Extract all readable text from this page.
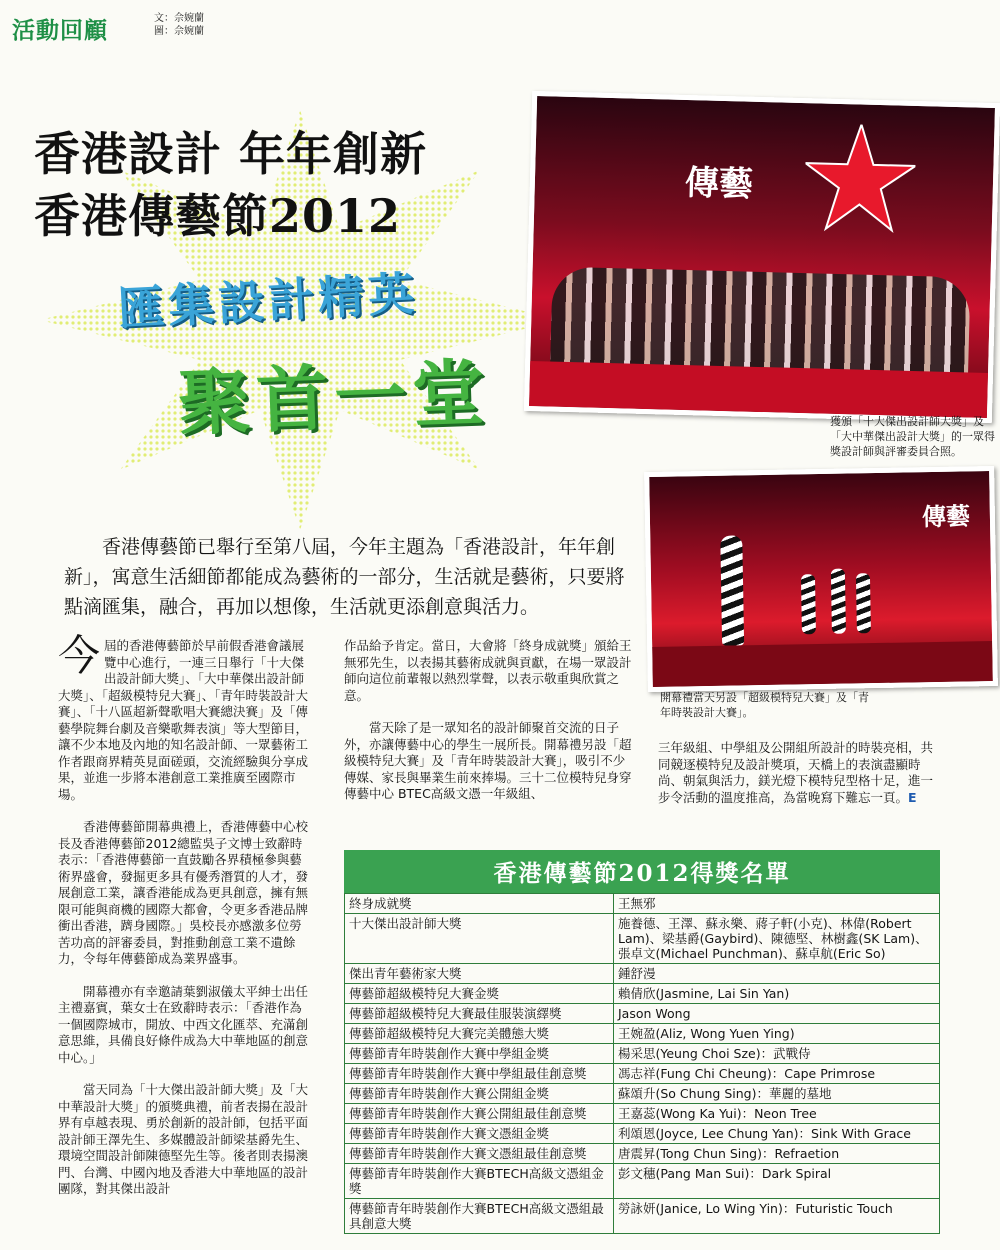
活動回顧	文：佘婉蘭
圖：佘婉蘭
香港設計 年年創新
香港傳藝節2012
匯集設計精英
聚首一堂
傳藝
獲頒「十大傑出設計師大獎」及「大中華傑出設計大獎」的一眾得獎設計師與評審委員合照。
傳藝
開幕禮當天另設「超級模特兒大賽」及「青年時裝設計大賽」。
香港傳藝節已舉行至第八屆，今年主題為「香港設計，年年創新」，寓意生活細節都能成為藝術的一部分，生活就是藝術，只要將點滴匯集，融合，再加以想像，生活就更添創意與活力。

今屆的香港傳藝節於早前假香港會議展覽中心進行，一連三日舉行「十大傑出設計師大獎」、「大中華傑出設計師大獎」、「超級模特兒大賽」、「青年時裝設計大賽」、「十八區超新聲歌唱大賽總決賽」及「傳藝學院舞台劇及音樂歌舞表演」等大型節目，讓不少本地及內地的知名設計師、一眾藝術工作者跟商界精英見面磋頭，交流經驗與分享成果，並進一步將本港創意工業推廣至國際市場。

香港傳藝節開幕典禮上，香港傳藝中心校長及香港傳藝節2012總監吳子文博士致辭時表示：「香港傳藝節一直鼓勵各界積極參與藝術界盛會，發掘更多具有優秀潛質的人才，發展創意工業，讓香港能成為更具創意，擁有無限可能與商機的國際大都會，令更多香港品牌衝出香港，躋身國際。」吳校長亦感激多位勞苦功高的評審委員，對推動創意工業不遺餘力，令每年傳藝節成為業界盛事。

開幕禮亦有幸邀請葉劉淑儀太平紳士出任主禮嘉賓，葉女士在致辭時表示：「香港作為一個國際城市，開放、中西文化匯萃、充滿創意思維，具備良好條件成為大中華地區的創意中心。」

當天同為「十大傑出設計師大獎」及「大中華設計大獎」的頒獎典禮，前者表揚在設計界有卓越表現、勇於創新的設計師，包括平面設計師王澤先生、多媒體設計師梁基爵先生、環境空間設計師陳德堅先生等。後者則表揚澳門、台灣、中國內地及香港大中華地區的設計團隊，對其傑出設計

作品給予肯定。當日，大會將「終身成就獎」頒給王無邪先生，以表揚其藝術成就與貢獻，在場一眾設計師向這位前輩報以熱烈掌聲，以表示敬重與欣賞之意。

當天除了是一眾知名的設計師聚首交流的日子外，亦讓傳藝中心的學生一展所長。開幕禮另設「超級模特兒大賽」及「青年時裝設計大賽」，吸引不少傳媒、家長與畢業生前來捧場。三十二位模特兒身穿傳藝中心 BTEC高級文憑一年級組、

三年級組、中學組及公開組所設計的時裝亮相，共同競逐模特兒及設計獎項，天橋上的表演盡顯時尚、朝氣與活力，鎂光燈下模特兒型格十足，進一步令活動的溫度推高，為當晚寫下難忘一頁。E

香港傳藝節2012得獎名單
終身成就獎	王無邪
十大傑出設計師大獎	施養德、王澤、蘇永樂、蔣子軒(小克)、林偉(Robert Lam)、梁基爵(Gaybird)、陳德堅、林樹鑫(SK Lam)、張卓文(Michael Punchman)、蘇卓航(Eric So)
傑出青年藝術家大獎	鍾舒漫
傳藝節超級模特兒大賽金獎	賴倩欣(Jasmine, Lai Sin Yan)
傳藝節超級模特兒大賽最佳服裝演繹獎	Jason Wong
傳藝節超級模特兒大賽完美體態大獎	王婉盈(Aliz, Wong Yuen Ying)
傳藝節青年時裝創作大賽中學組金獎	楊采思(Yeung Choi Sze)：武戰侍
傳藝節青年時裝創作大賽中學組最佳創意獎	馮志祥(Fung Chi Cheung)：Cape Primrose
傳藝節青年時裝創作大賽公開組金獎	蘇頌升(So Chung Sing)：華麗的墓地
傳藝節青年時裝創作大賽公開組最佳創意獎	王嘉蕊(Wong Ka Yui)：Neon Tree
傳藝節青年時裝創作大賽文憑組金獎	利頌恩(Joyce, Lee Chung Yan)：Sink With Grace
傳藝節青年時裝創作大賽文憑組最佳創意獎	唐震昇(Tong Chun Sing)：Refraetion
傳藝節青年時裝創作大賽BTECH高級文憑組金獎	彭文穗(Pang Man Sui)：Dark Spiral
傳藝節青年時裝創作大賽BTECH高級文憑組最具創意大獎	勞詠妍(Janice, Lo Wing Yin)：Futuristic Touch
